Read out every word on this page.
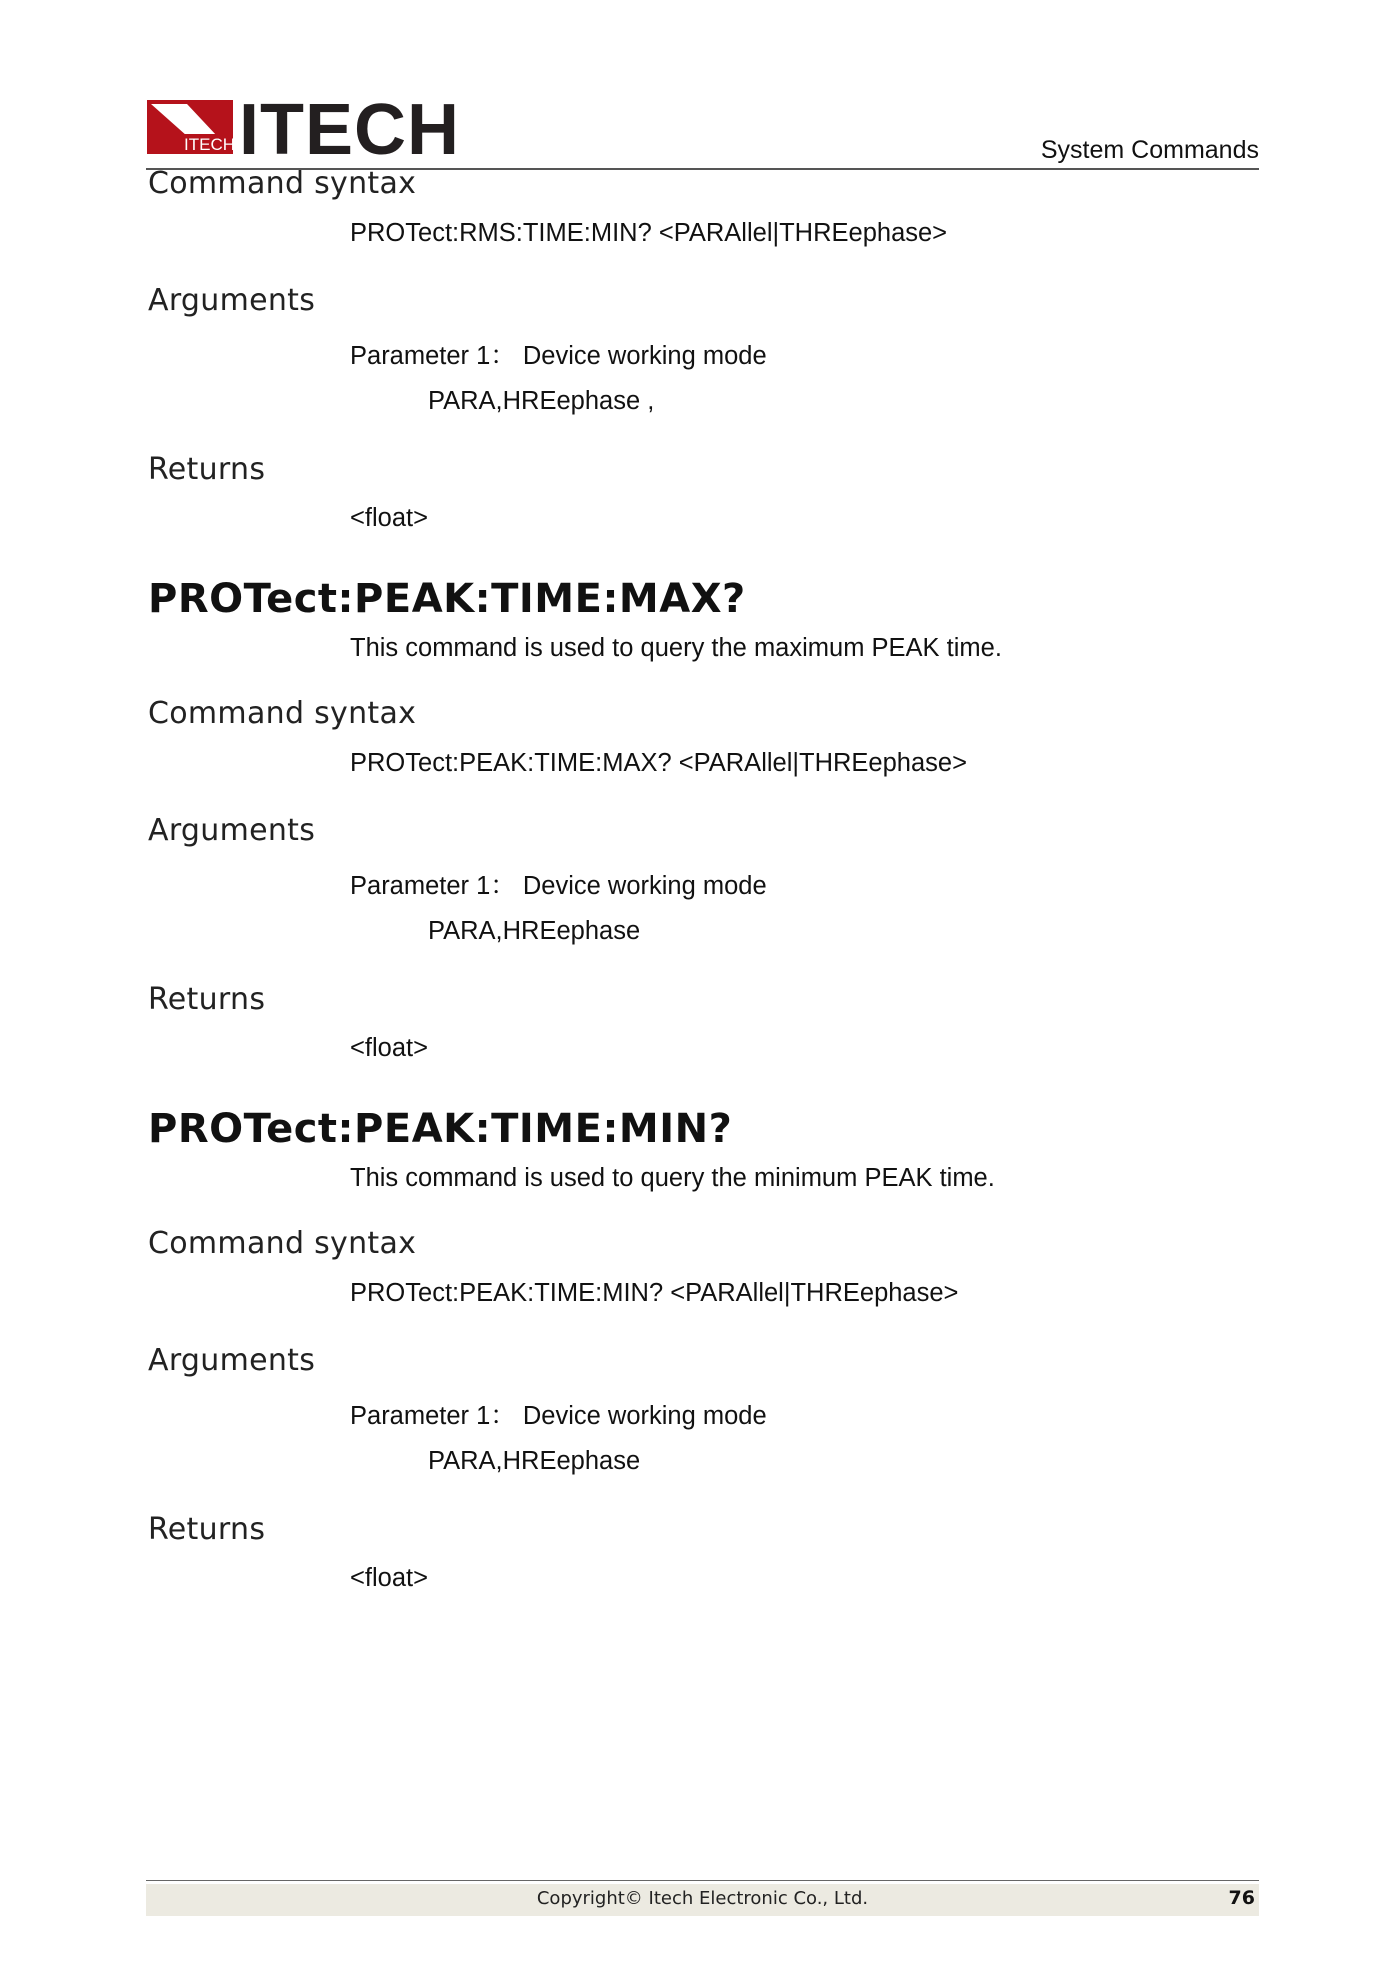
ITECH ITECH	System Commands
Command syntax
PROTect:RMS:TIME:MIN? <PARAllel|THREephase>
Arguments
Parameter 1： Device working mode
PARA,HREephase ,
Returns
<float>
PROTect:PEAK:TIME:MAX?
This command is used to query the maximum PEAK time.
Command syntax
PROTect:PEAK:TIME:MAX? <PARAllel|THREephase>
Arguments
Parameter 1： Device working mode
PARA,HREephase
Returns
<float>
PROTect:PEAK:TIME:MIN?
This command is used to query the minimum PEAK time.
Command syntax
PROTect:PEAK:TIME:MIN? <PARAllel|THREephase>
Arguments
Parameter 1： Device working mode
PARA,HREephase
Returns
<float>
Copyright© Itech Electronic Co., Ltd.	76
